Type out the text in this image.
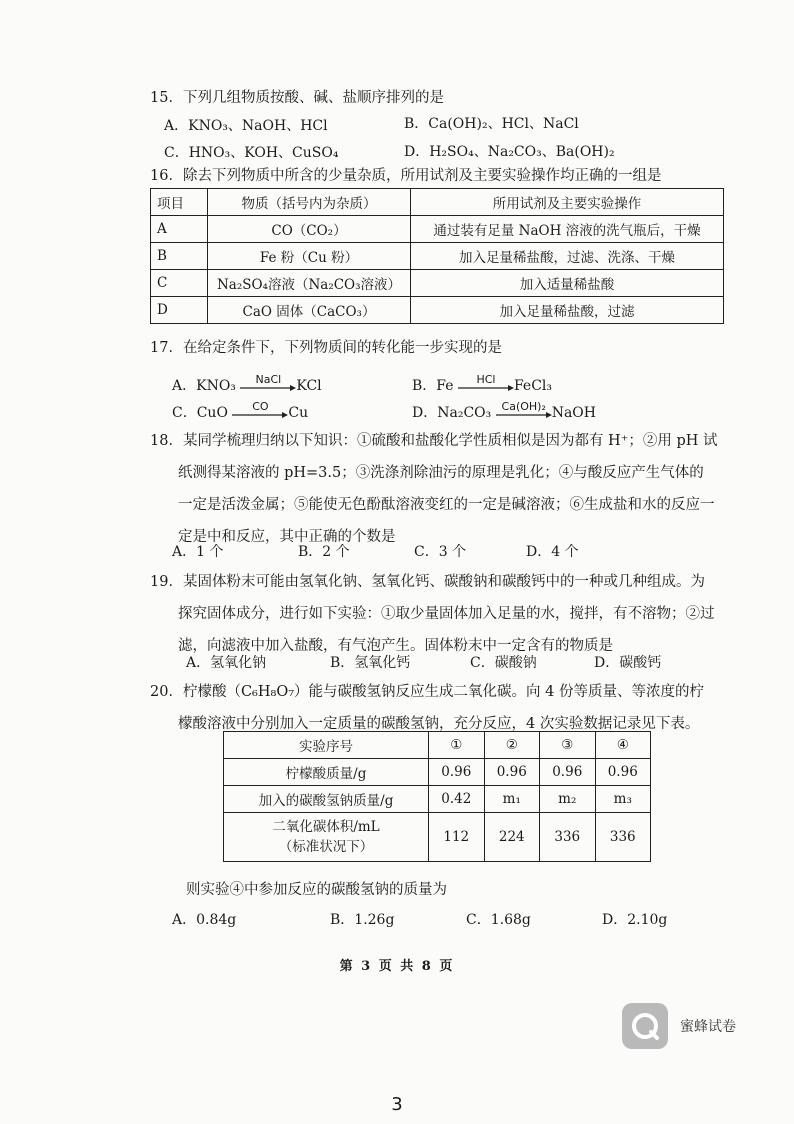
15．下列几组物质按酸、碱、盐顺序排列的是
A．KNO₃、NaOH、HCl	B．Ca(OH)₂、HCl、NaCl
C．HNO₃、KOH、CuSO₄	D．H₂SO₄、Na₂CO₃、Ba(OH)₂
16．除去下列物质中所含的少量杂质，所用试剂及主要实验操作均正确的一组是
项目	物质（括号内为杂质）	所用试剂及主要实验操作
A	CO（CO₂）	通过装有足量 NaOH 溶液的洗气瓶后，干燥
B	Fe 粉（Cu 粉）	加入足量稀盐酸，过滤、洗涤、干燥
C	Na₂SO₄溶液（Na₂CO₃溶液）	加入适量稀盐酸
D	CaO 固体（CaCO₃）	加入足量稀盐酸，过滤
17．在给定条件下，下列物质间的转化能一步实现的是
A．KNO₃	NaCl	KCl	B．Fe	HCl	FeCl₃
C．CuO	CO	Cu	D．Na₂CO₃ Ca(OH)₂ NaOH
18．某同学梳理归纳以下知识：①硫酸和盐酸化学性质相似是因为都有 H⁺；②用 pH 试纸测得某溶液的 pH=3.5；③洗涤剂除油污的原理是乳化；④与酸反应产生气体的一定是活泼金属；⑤能使无色酚酞溶液变红的一定是碱溶液；⑥生成盐和水的反应一定是中和反应，其中正确的个数是
A．1 个	B．2 个	C．3 个	D．4 个
19．某固体粉末可能由氢氧化钠、氢氧化钙、碳酸钠和碳酸钙中的一种或几种组成。为探究固体成分，进行如下实验：①取少量固体加入足量的水，搅拌，有不溶物；②过滤，向滤液中加入盐酸，有气泡产生。固体粉末中一定含有的物质是
A．氢氧化钠	B．氢氧化钙	C．碳酸钠	D．碳酸钙
20．柠檬酸（C₆H₈O₇）能与碳酸氢钠反应生成二氧化碳。向 4 份等质量、等浓度的柠檬酸溶液中分别加入一定质量的碳酸氢钠，充分反应，4 次实验数据记录见下表。
实验序号	①	②	③	④
柠檬酸质量/g	0.96	0.96	0.96	0.96
加入的碳酸氢钠质量/g	0.42	m₁	m₂	m₃
二氧化碳体积/mL
（标准状况下）	112	224	336	336
则实验④中参加反应的碳酸氢钠的质量为
A．0.84g	B．1.26g	C．1.68g	D．2.10g
第 3 页 共 8 页
蜜蜂试卷
3
